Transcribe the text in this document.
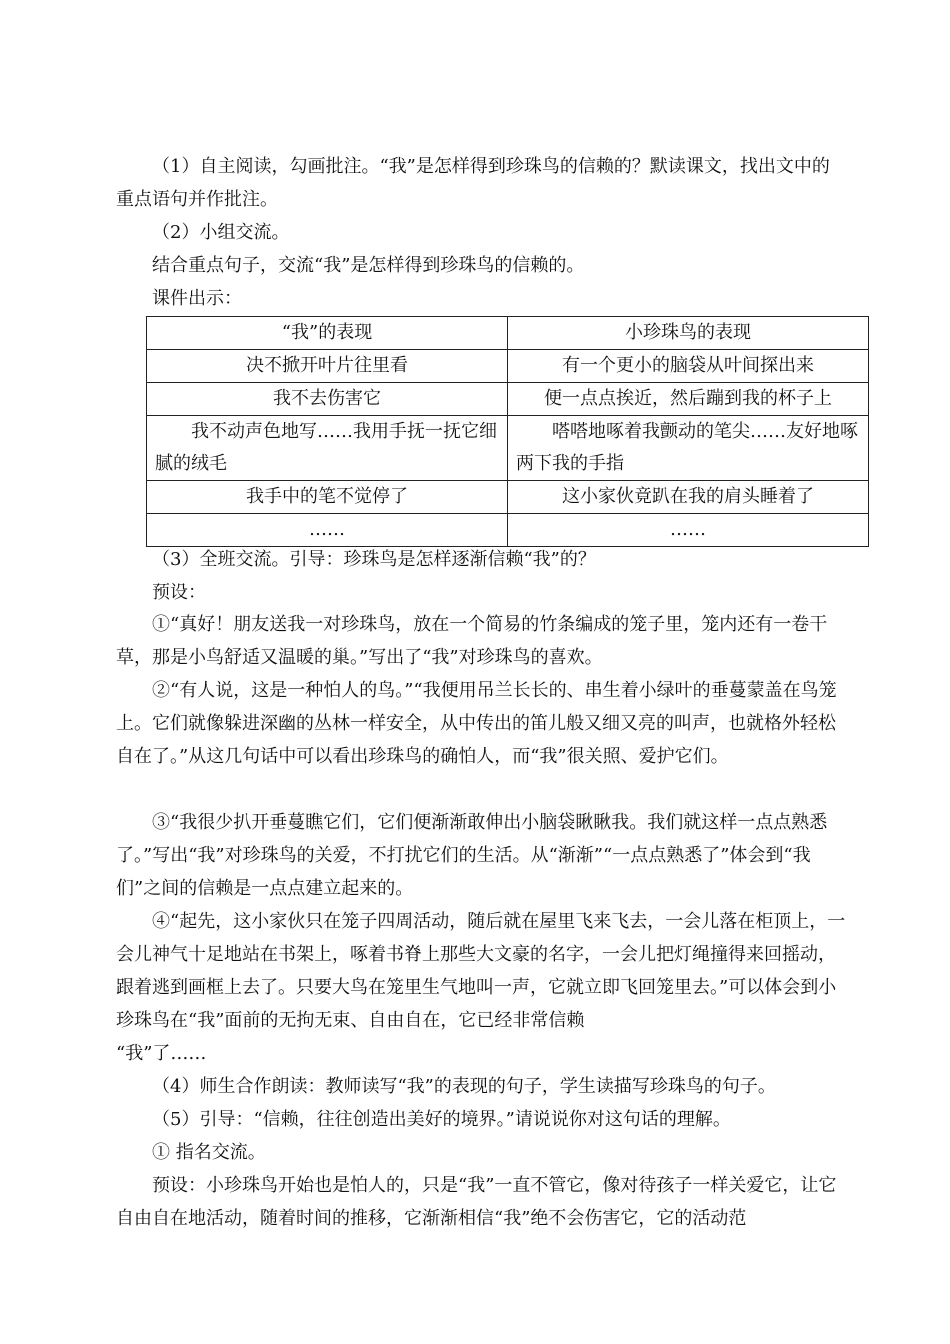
（1）自主阅读，勾画批注。“我”是怎样得到珍珠鸟的信赖的？默读课文，找出文中的重点语句并作批注。

（2）小组交流。

结合重点句子，交流“我”是怎样得到珍珠鸟的信赖的。

课件出示：

“我”的表现	小珍珠鸟的表现
决不掀开叶片往里看	有一个更小的脑袋从叶间探出来
我不去伤害它	便一点点挨近，然后蹦到我的杯子上
我不动声色地写……我用手抚一抚它细腻的绒毛	嗒嗒地啄着我颤动的笔尖……友好地啄两下我的手指
我手中的笔不觉停了	这小家伙竟趴在我的肩头睡着了
……	……

（3）全班交流。引导：珍珠鸟是怎样逐渐信赖“我”的？

预设：

①“真好！朋友送我一对珍珠鸟，放在一个简易的竹条编成的笼子里，笼内还有一卷干草，那是小鸟舒适又温暖的巢。”写出了“我”对珍珠鸟的喜欢。

②“有人说，这是一种怕人的鸟。”“我便用吊兰长长的、串生着小绿叶的垂蔓蒙盖在鸟笼上。它们就像躲进深幽的丛林一样安全，从中传出的笛儿般又细又亮的叫声，也就格外轻松自在了。”从这几句话中可以看出珍珠鸟的确怕人，而“我”很关照、爱护它们。

③“我很少扒开垂蔓瞧它们，它们便渐渐敢伸出小脑袋瞅瞅我。我们就这样一点点熟悉了。”写出“我”对珍珠鸟的关爱，不打扰它们的生活。从“渐渐”“一点点熟悉了”体会到“我们”之间的信赖是一点点建立起来的。

④“起先，这小家伙只在笼子四周活动，随后就在屋里飞来飞去，一会儿落在柜顶上，一会儿神气十足地站在书架上，啄着书脊上那些大文豪的名字，一会儿把灯绳撞得来回摇动，跟着逃到画框上去了。只要大鸟在笼里生气地叫一声，它就立即飞回笼里去。”可以体会到小珍珠鸟在“我”面前的无拘无束、自由自在，它已经非常信赖

“我”了……

（4）师生合作朗读：教师读写“我”的表现的句子，学生读描写珍珠鸟的句子。

（5）引导：“信赖，往往创造出美好的境界。”请说说你对这句话的理解。

① 指名交流。

预设：小珍珠鸟开始也是怕人的，只是“我”一直不管它，像对待孩子一样关爱它，让它自由自在地活动，随着时间的推移，它渐渐相信“我”绝不会伤害它，它的活动范
